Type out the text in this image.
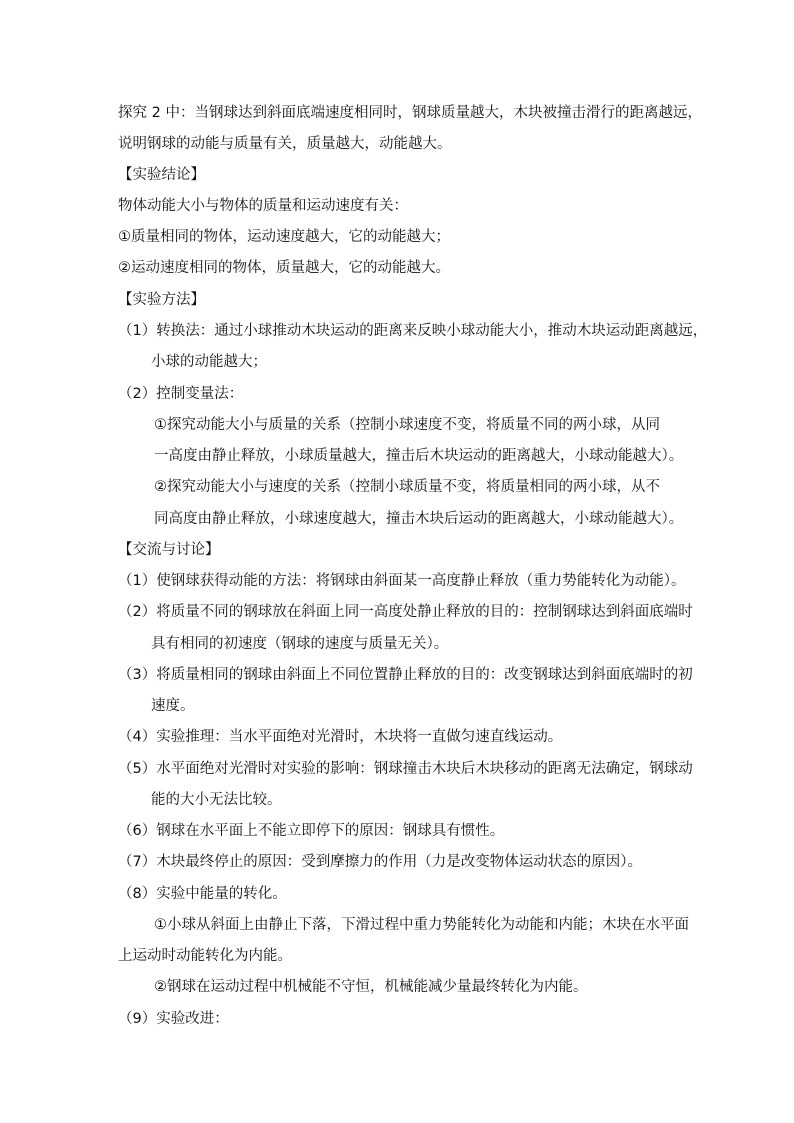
探究 2 中：当钢球达到斜面底端速度相同时，钢球质量越大，木块被撞击滑行的距离越远，
说明钢球的动能与质量有关，质量越大，动能越大。
【实验结论】
物体动能大小与物体的质量和运动速度有关：
①质量相同的物体，运动速度越大，它的动能越大；
②运动速度相同的物体，质量越大，它的动能越大。
【实验方法】
（1）转换法：通过小球推动木块运动的距离来反映小球动能大小，推动木块运动距离越远，
小球的动能越大；
（2）控制变量法：
①探究动能大小与质量的关系（控制小球速度不变，将质量不同的两小球，从同
一高度由静止释放，小球质量越大，撞击后木块运动的距离越大，小球动能越大）。
②探究动能大小与速度的关系（控制小球质量不变，将质量相同的两小球，从不
同高度由静止释放，小球速度越大，撞击木块后运动的距离越大，小球动能越大）。
【交流与讨论】
（1）使钢球获得动能的方法：将钢球由斜面某一高度静止释放（重力势能转化为动能）。
（2）将质量不同的钢球放在斜面上同一高度处静止释放的目的：控制钢球达到斜面底端时
具有相同的初速度（钢球的速度与质量无关）。
（3）将质量相同的钢球由斜面上不同位置静止释放的目的：改变钢球达到斜面底端时的初
速度。
（4）实验推理：当水平面绝对光滑时，木块将一直做匀速直线运动。
（5）水平面绝对光滑时对实验的影响：钢球撞击木块后木块移动的距离无法确定，钢球动
能的大小无法比较。
（6）钢球在水平面上不能立即停下的原因：钢球具有惯性。
（7）木块最终停止的原因：受到摩擦力的作用（力是改变物体运动状态的原因）。
（8）实验中能量的转化。
①小球从斜面上由静止下落，下滑过程中重力势能转化为动能和内能；木块在水平面
上运动时动能转化为内能。
②钢球在运动过程中机械能不守恒，机械能减少量最终转化为内能。
（9）实验改进：
